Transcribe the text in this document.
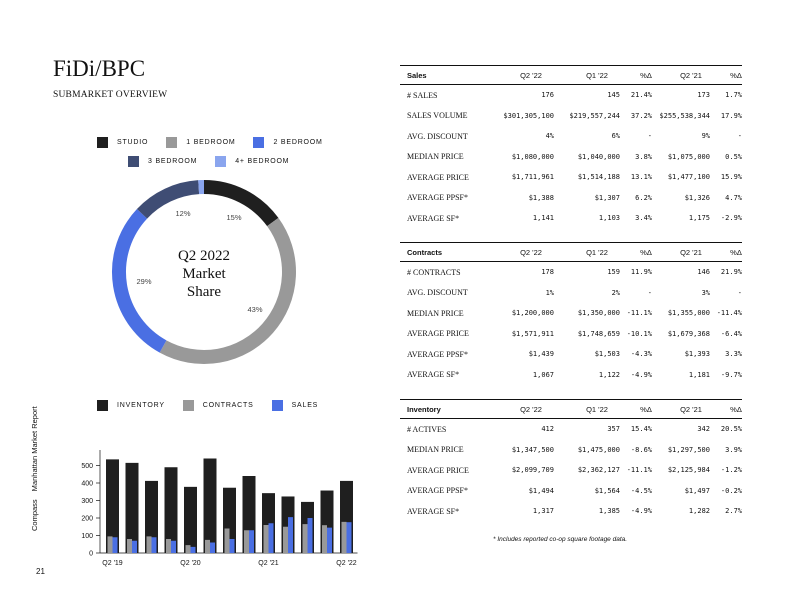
FiDi/BPC
SUBMARKET OVERVIEW
Compass
Manhattan Market Report
21
STUDIO	1 BEDROOM	2 BEDROOM
3 BEDROOM	4+ BEDROOM
15%
43%
29%
12%
Q2 2022
Market
Share
INVENTORY	CONTRACTS	SALES
0
100
200
300
400
500
Q2 '19	Q2 '20	Q2 '21	Q2 '22
Sales	Q2 '22	Q1 '22	%Δ	Q2 '21	%Δ
# SALES	176	145	21.4%	173	1.7%
SALES VOLUME	$301,305,100	$219,557,244	37.2%	$255,538,344	17.9%
AVG. DISCOUNT	4%	6%	-	9%	-
MEDIAN PRICE	$1,080,000	$1,040,000	3.8%	$1,075,000	0.5%
AVERAGE PRICE	$1,711,961	$1,514,188	13.1%	$1,477,100	15.9%
AVERAGE PPSF*	$1,388	$1,307	6.2%	$1,326	4.7%
AVERAGE SF*	1,141	1,103	3.4%	1,175	-2.9%
Contracts	Q2 '22	Q1 '22	%Δ	Q2 '21	%Δ
# CONTRACTS	178	159	11.9%	146	21.9%
AVG. DISCOUNT	1%	2%	-	3%	-
MEDIAN PRICE	$1,200,000	$1,350,000 -11.1%	$1,355,000 -11.4%
AVERAGE PRICE	$1,571,911	$1,748,659 -10.1%	$1,679,368	-6.4%
AVERAGE PPSF*	$1,439	$1,503	-4.3%	$1,393	3.3%
AVERAGE SF*	1,067	1,122	-4.9%	1,181	-9.7%
Inventory	Q2 '22	Q1 '22	%Δ	Q2 '21	%Δ
# ACTIVES	412	357	15.4%	342	20.5%
MEDIAN PRICE	$1,347,500	$1,475,000	-8.6%	$1,297,500	3.9%
AVERAGE PRICE	$2,099,709	$2,362,127 -11.1%	$2,125,984	-1.2%
AVERAGE PPSF*	$1,494	$1,564	-4.5%	$1,497	-0.2%
AVERAGE SF*	1,317	1,385	-4.9%	1,282	2.7%
* Includes reported co-op square footage data.
